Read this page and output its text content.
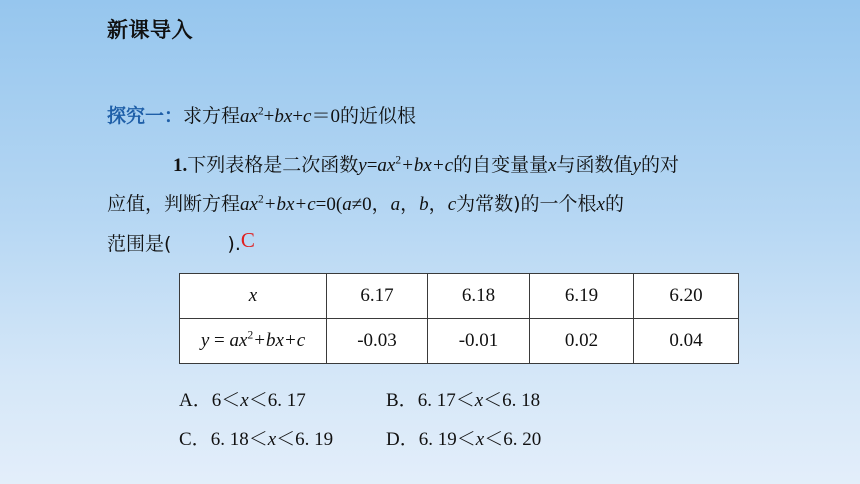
新课导入
探究一：求方程$ax^2+bx+c=0$的近似根
1.下列表格是二次函数$y=ax^2+bx+c$的自变量量x与函数值y的对
应值，判断方程$ax^2+bx+c=0(a\ne 0$，a，b，c为常数)的一个根x的
范围是(	).C
x	6.17	6.18	6.19	6.20
$y = ax^2+bx+c$	-0.03	-0.01	0.02	0.04
A．6＜x＜6. 17	B．6. 17＜x＜6. 18
C．6. 18＜x＜6. 19	D．6. 19＜x＜6. 20
